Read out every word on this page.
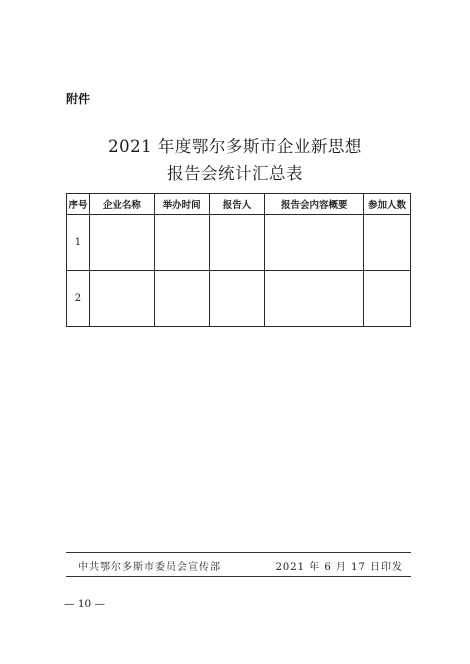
附件
2021 年度鄂尔多斯市企业新思想
报告会统计汇总表
序号	企业名称	举办时间	报告人	报告会内容概要	参加人数
1					
2					
中共鄂尔多斯市委员会宣传部	2021 年 6 月 17 日印发
— 10 —
